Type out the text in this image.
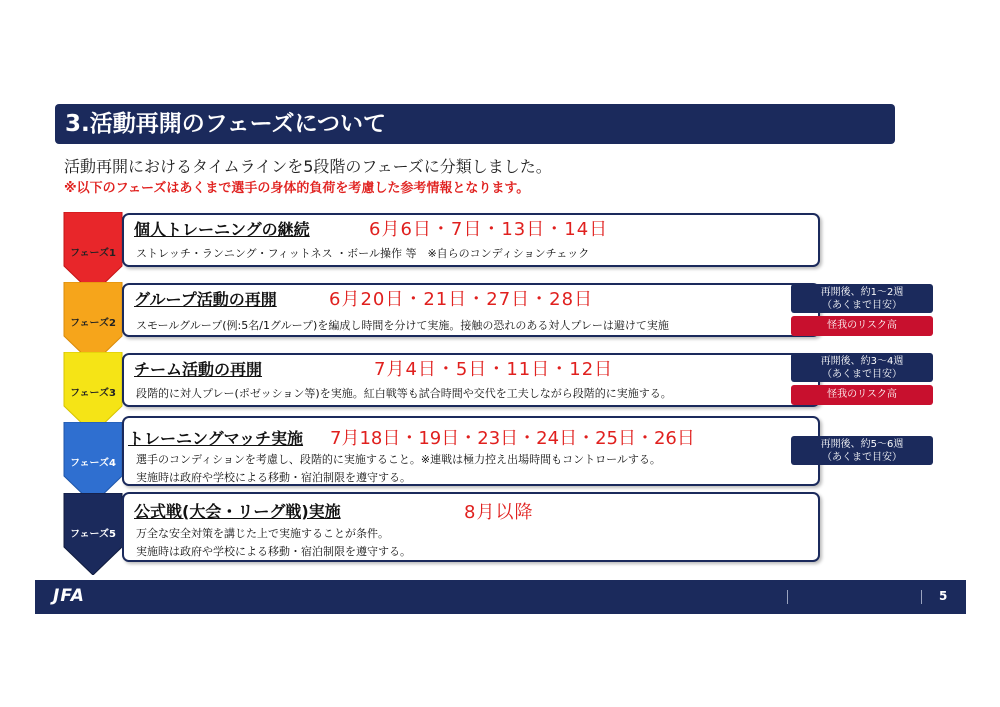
3.活動再開のフェーズについて
活動再開におけるタイムラインを5段階のフェーズに分類しました。
※以下のフェーズはあくまで選手の身体的負荷を考慮した参考情報となります。
フェーズ1
個人トレーニングの継続	6月6日・7日・13日・14日
ストレッチ・ランニング・フィットネス ・ボール操作 等　※自らのコンディションチェック
フェーズ2
グループ活動の再開	6月20日・21日・27日・28日
スモールグループ(例:5名/1グループ)を編成し時間を分けて実施。接触の恐れのある対人プレーは避けて実施
フェーズ3
チーム活動の再開	7月4日・5日・11日・12日
段階的に対人プレー(ポゼッション等)を実施。紅白戦等も試合時間や交代を工夫しながら段階的に実施する。
フェーズ4
トレーニングマッチ実施 7月18日・19日・23日・24日・25日・26日
選手のコンディションを考慮し、段階的に実施すること。※連戦は極力控え出場時間もコントロールする。
実施時は政府や学校による移動・宿泊制限を遵守する。
フェーズ5
公式戦(大会・リーグ戦)実施	8月以降
万全な安全対策を講じた上で実施することが条件。
実施時は政府や学校による移動・宿泊制限を遵守する。
再開後、約1～2週
（あくまで目安）
怪我のリスク高
再開後、約3～4週
（あくまで目安）
怪我のリスク高
再開後、約5～6週
（あくまで目安）
JFA	5
